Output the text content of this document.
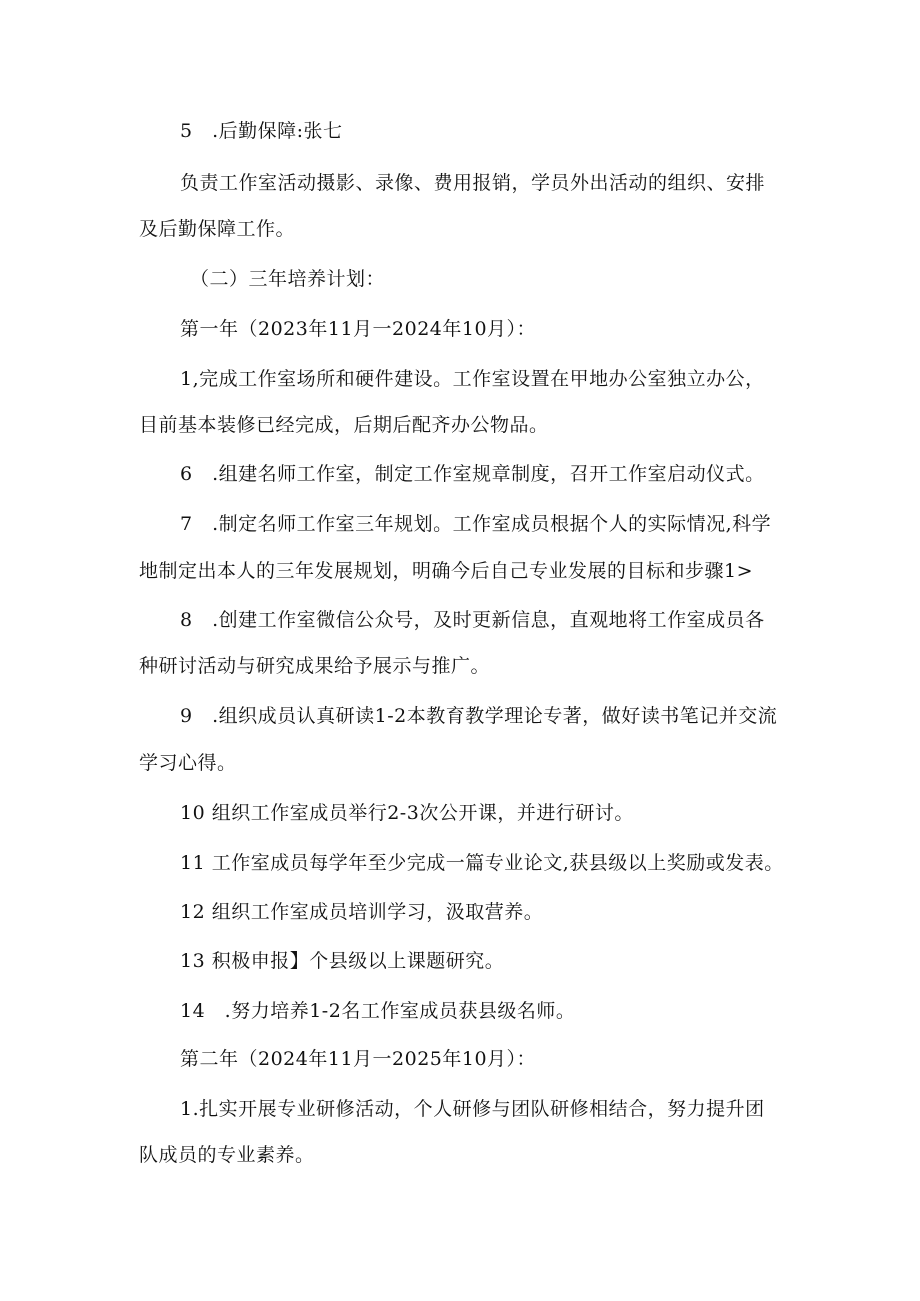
5　.后勤保障:张七
负责工作室活动摄影、录像、费用报销，学员外出活动的组织、安排
及后勤保障工作。
（二）三年培养计划：
第一年（2023年11月一2024年10月）：
1,完成工作室场所和硬件建设。工作室设置在甲地办公室独立办公，
目前基本装修已经完成，后期后配齐办公物品。
6　.组建名师工作室，制定工作室规章制度，召开工作室启动仪式。
7　.制定名师工作室三年规划。工作室成员根据个人的实际情况,科学
地制定出本人的三年发展规划，明确今后自己专业发展的目标和步骤1>
8　.创建工作室微信公众号，及时更新信息，直观地将工作室成员各
种研讨活动与研究成果给予展示与推广。
9　.组织成员认真研读1-2本教育教学理论专著，做好读书笔记并交流
学习心得。
10 组织工作室成员举行2-3次公开课，并进行研讨。
11 工作室成员每学年至少完成一篇专业论文,获县级以上奖励或发表。
12 组织工作室成员培训学习，汲取营养。
13 积极申报】个县级以上课题研究。
14　.努力培养1-2名工作室成员获县级名师。
第二年（2024年11月一2025年10月）：
1.扎实开展专业研修活动，个人研修与团队研修相结合，努力提升团
队成员的专业素养。
